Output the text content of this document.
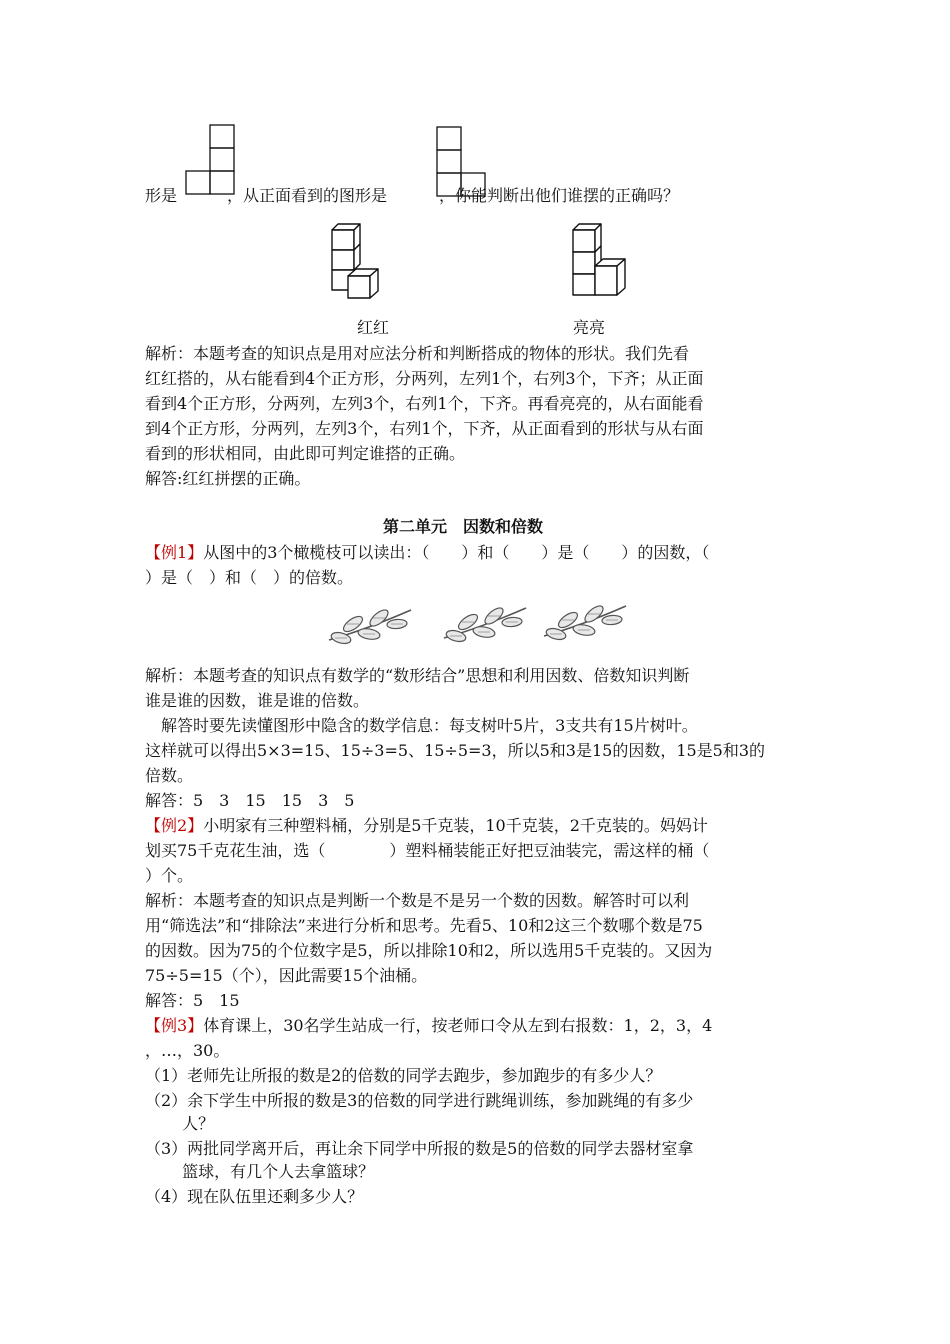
形是	，从正面看到的图形是	，你能判断出他们谁摆的正确吗？
红红	亮亮
解析：本题考查的知识点是用对应法分析和判断搭成的物体的形状。我们先看
红红搭的，从右能看到4个正方形，分两列，左列1个，右列3个，下齐；从正面
看到4个正方形，分两列，左列3个，右列1个，下齐。再看亮亮的，从右面能看
到4个正方形，分两列，左列3个，右列1个，下齐，从正面看到的形状与从右面
看到的形状相同，由此即可判定谁搭的正确。
解答:红红拼摆的正确。
第二单元　因数和倍数
【例1】从图中的3个橄榄枝可以读出：（　　）和（　　）是（　　）的因数，（
）是（　）和（　）的倍数。
解析：本题考查的知识点有数学的“数形结合”思想和利用因数、倍数知识判断
谁是谁的因数，谁是谁的倍数。
　解答时要先读懂图形中隐含的数学信息：每支树叶5片，3支共有15片树叶。
这样就可以得出5×3=15、15÷3=5、15÷5=3，所以5和3是15的因数，15是5和3的
倍数。
解答：5　3　15　15　3　5
【例2】小明家有三种塑料桶，分别是5千克装，10千克装，2千克装的。妈妈计
划买75千克花生油，选（　　　　）塑料桶装能正好把豆油装完，需这样的桶（
）个。
解析：本题考查的知识点是判断一个数是不是另一个数的因数。解答时可以利
用“筛选法”和“排除法”来进行分析和思考。先看5、10和2这三个数哪个数是75
的因数。因为75的个位数字是5，所以排除10和2，所以选用5千克装的。又因为
75÷5=15（个），因此需要15个油桶。
解答：5　15
【例3】体育课上，30名学生站成一行，按老师口令从左到右报数：1，2，3，4
，…，30。
（1）老师先让所报的数是2的倍数的同学去跑步，参加跑步的有多少人？
（2）余下学生中所报的数是3的倍数的同学进行跳绳训练，参加跳绳的有多少
　　 人？
（3）两批同学离开后，再让余下同学中所报的数是5的倍数的同学去器材室拿
　　 篮球，有几个人去拿篮球？
（4）现在队伍里还剩多少人？
